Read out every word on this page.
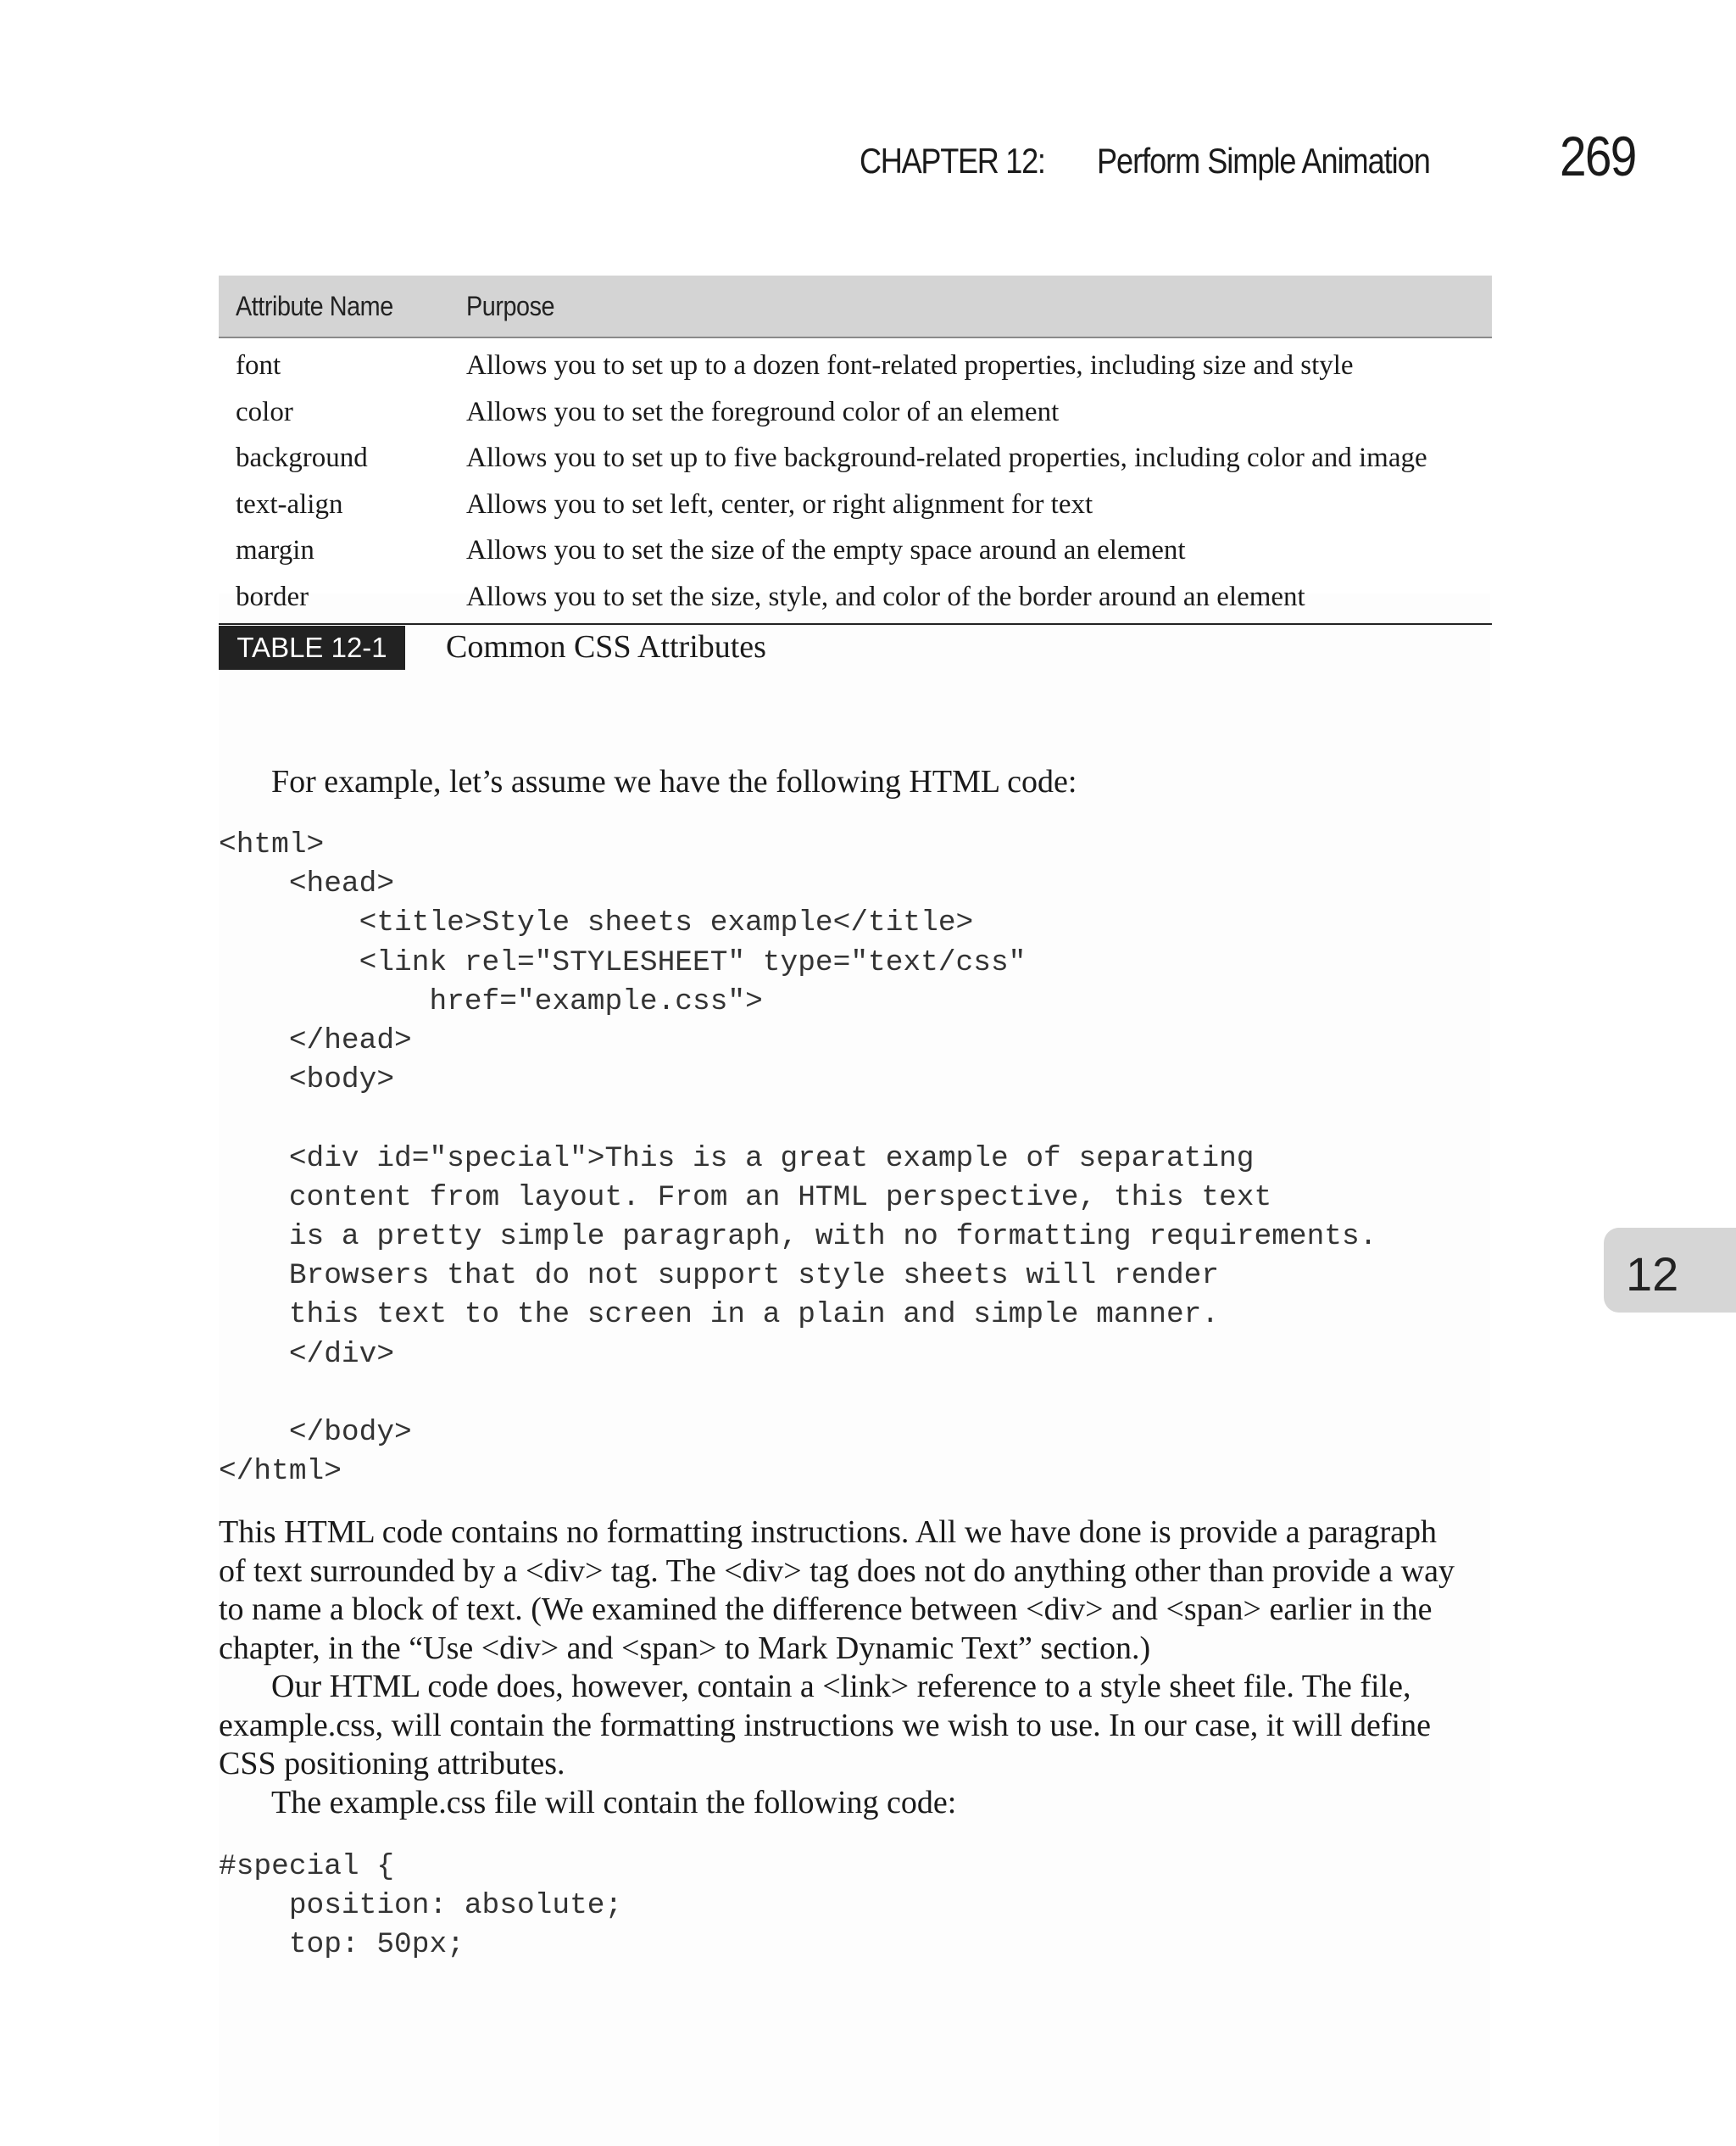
CHAPTER 12: Perform Simple Animation 269
Attribute Name	Purpose
font	Allows you to set up to a dozen font-related properties, including size and style
color	Allows you to set the foreground color of an element
background	Allows you to set up to five background-related properties, including color and image
text-align	Allows you to set left, center, or right alignment for text
margin	Allows you to set the size of the empty space around an element
border	Allows you to set the size, style, and color of the border around an element
TABLE 12-1	Common CSS Attributes
For example, let’s assume we have the following HTML code:
<html>
<head>
<title>Style sheets example</title>
<link rel="STYLESHEET" type="text/css"
href="example.css">
</head>
<body>

<div id="special">This is a great example of separating
content from layout. From an HTML perspective, this text
is a pretty simple paragraph, with no formatting requirements.
Browsers that do not support style sheets will render
this text to the screen in a plain and simple manner.
</div>

</body>
</html>
This HTML code contains no formatting instructions. All we have done is provide a paragraph
of text surrounded by a <div> tag. The <div> tag does not do anything other than provide a way
to name a block of text. (We examined the difference between <div> and <span> earlier in the
chapter, in the “Use <div> and <span> to Mark Dynamic Text” section.)
Our HTML code does, however, contain a <link> reference to a style sheet file. The file,
example.css, will contain the formatting instructions we wish to use. In our case, it will define
CSS positioning attributes.
The example.css file will contain the following code:
#special {
position: absolute;
top: 50px;
12
